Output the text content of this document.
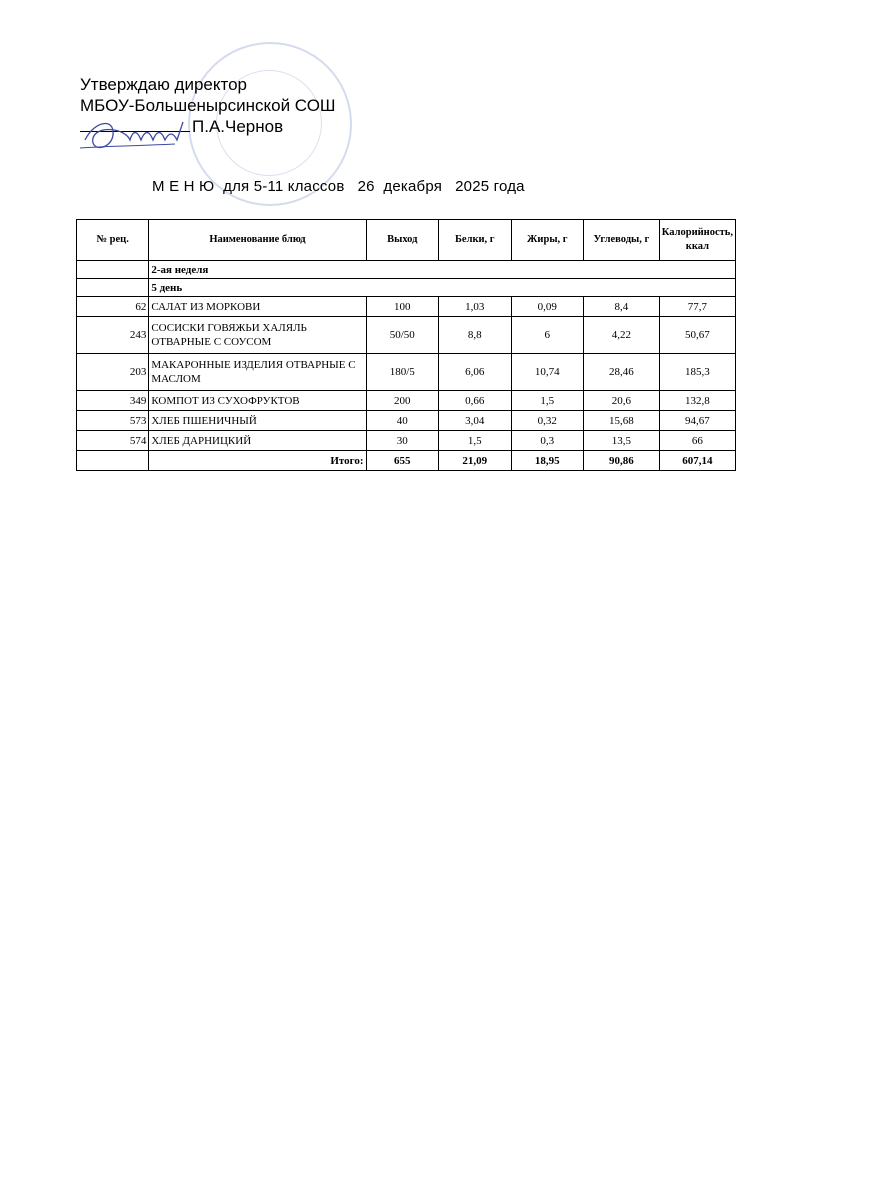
Утверждаю директор
МБОУ-Большенырсинской СОШ
П.А.Чернов
М Е Н Ю  для 5-11 классов   26  декабря   2025 года
№ рец.	Наименование блюд	Выход	Белки, г	Жиры, г	Углеводы, г	Калорийность, ккал
	2-ая неделя					
	5 день					
62	САЛАТ ИЗ МОРКОВИ	100	1,03	0,09	8,4	77,7
243	СОСИСКИ ГОВЯЖЬИ ХАЛЯЛЬ ОТВАРНЫЕ С СОУСОМ	50/50	8,8	6	4,22	50,67
203	МАКАРОННЫЕ ИЗДЕЛИЯ ОТВАРНЫЕ С МАСЛОМ	180/5	6,06	10,74	28,46	185,3
349	КОМПОТ ИЗ СУХОФРУКТОВ	200	0,66	1,5	20,6	132,8
573	ХЛЕБ ПШЕНИЧНЫЙ	40	3,04	0,32	15,68	94,67
574	ХЛЕБ ДАРНИЦКИЙ	30	1,5	0,3	13,5	66
	Итого:	655	21,09	18,95	90,86	607,14
